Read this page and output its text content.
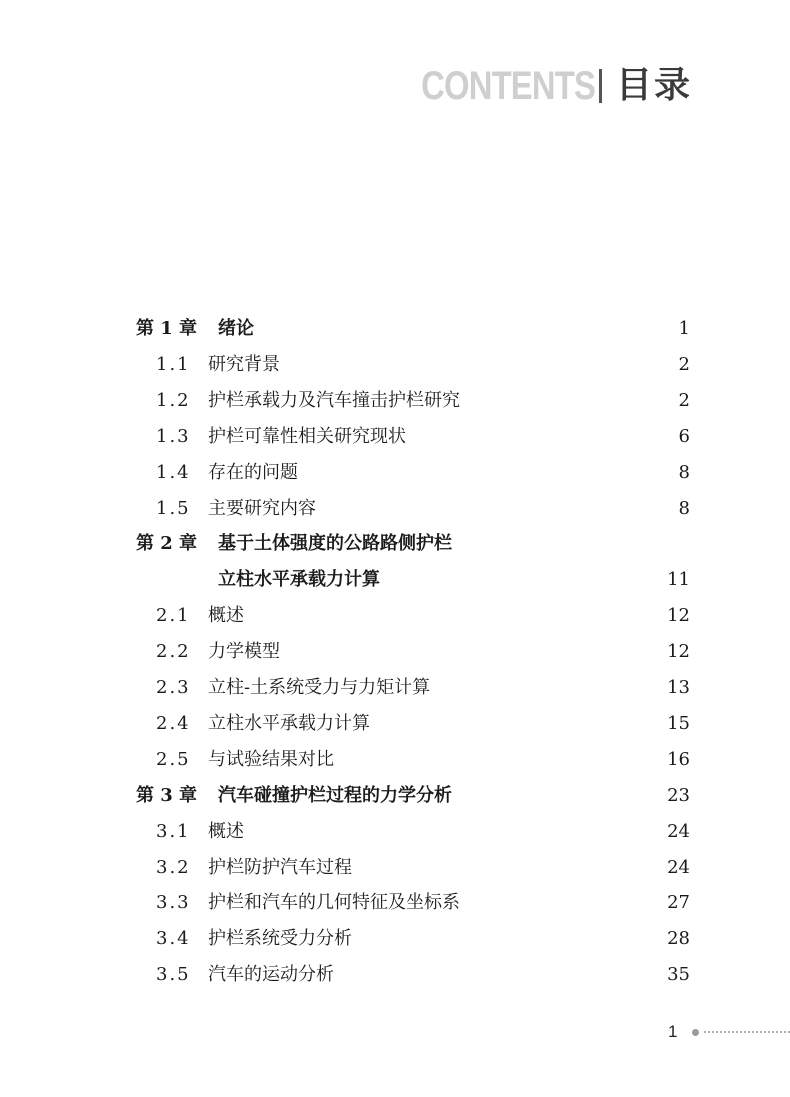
CONTENTS 目录
第 1 章	绪论	1
1.1 研究背景	2
1.2 护栏承载力及汽车撞击护栏研究	2
1.3 护栏可靠性相关研究现状	6
1.4 存在的问题	8
1.5 主要研究内容	8
第 2 章	基于土体强度的公路路侧护栏
立柱水平承载力计算	11
2.1 概述	12
2.2 力学模型	12
2.3 立柱-土系统受力与力矩计算	13
2.4 立柱水平承载力计算	15
2.5 与试验结果对比	16
第 3 章	汽车碰撞护栏过程的力学分析	23
3.1 概述	24
3.2 护栏防护汽车过程	24
3.3 护栏和汽车的几何特征及坐标系	27
3.4 护栏系统受力分析	28
3.5 汽车的运动分析	35
1
